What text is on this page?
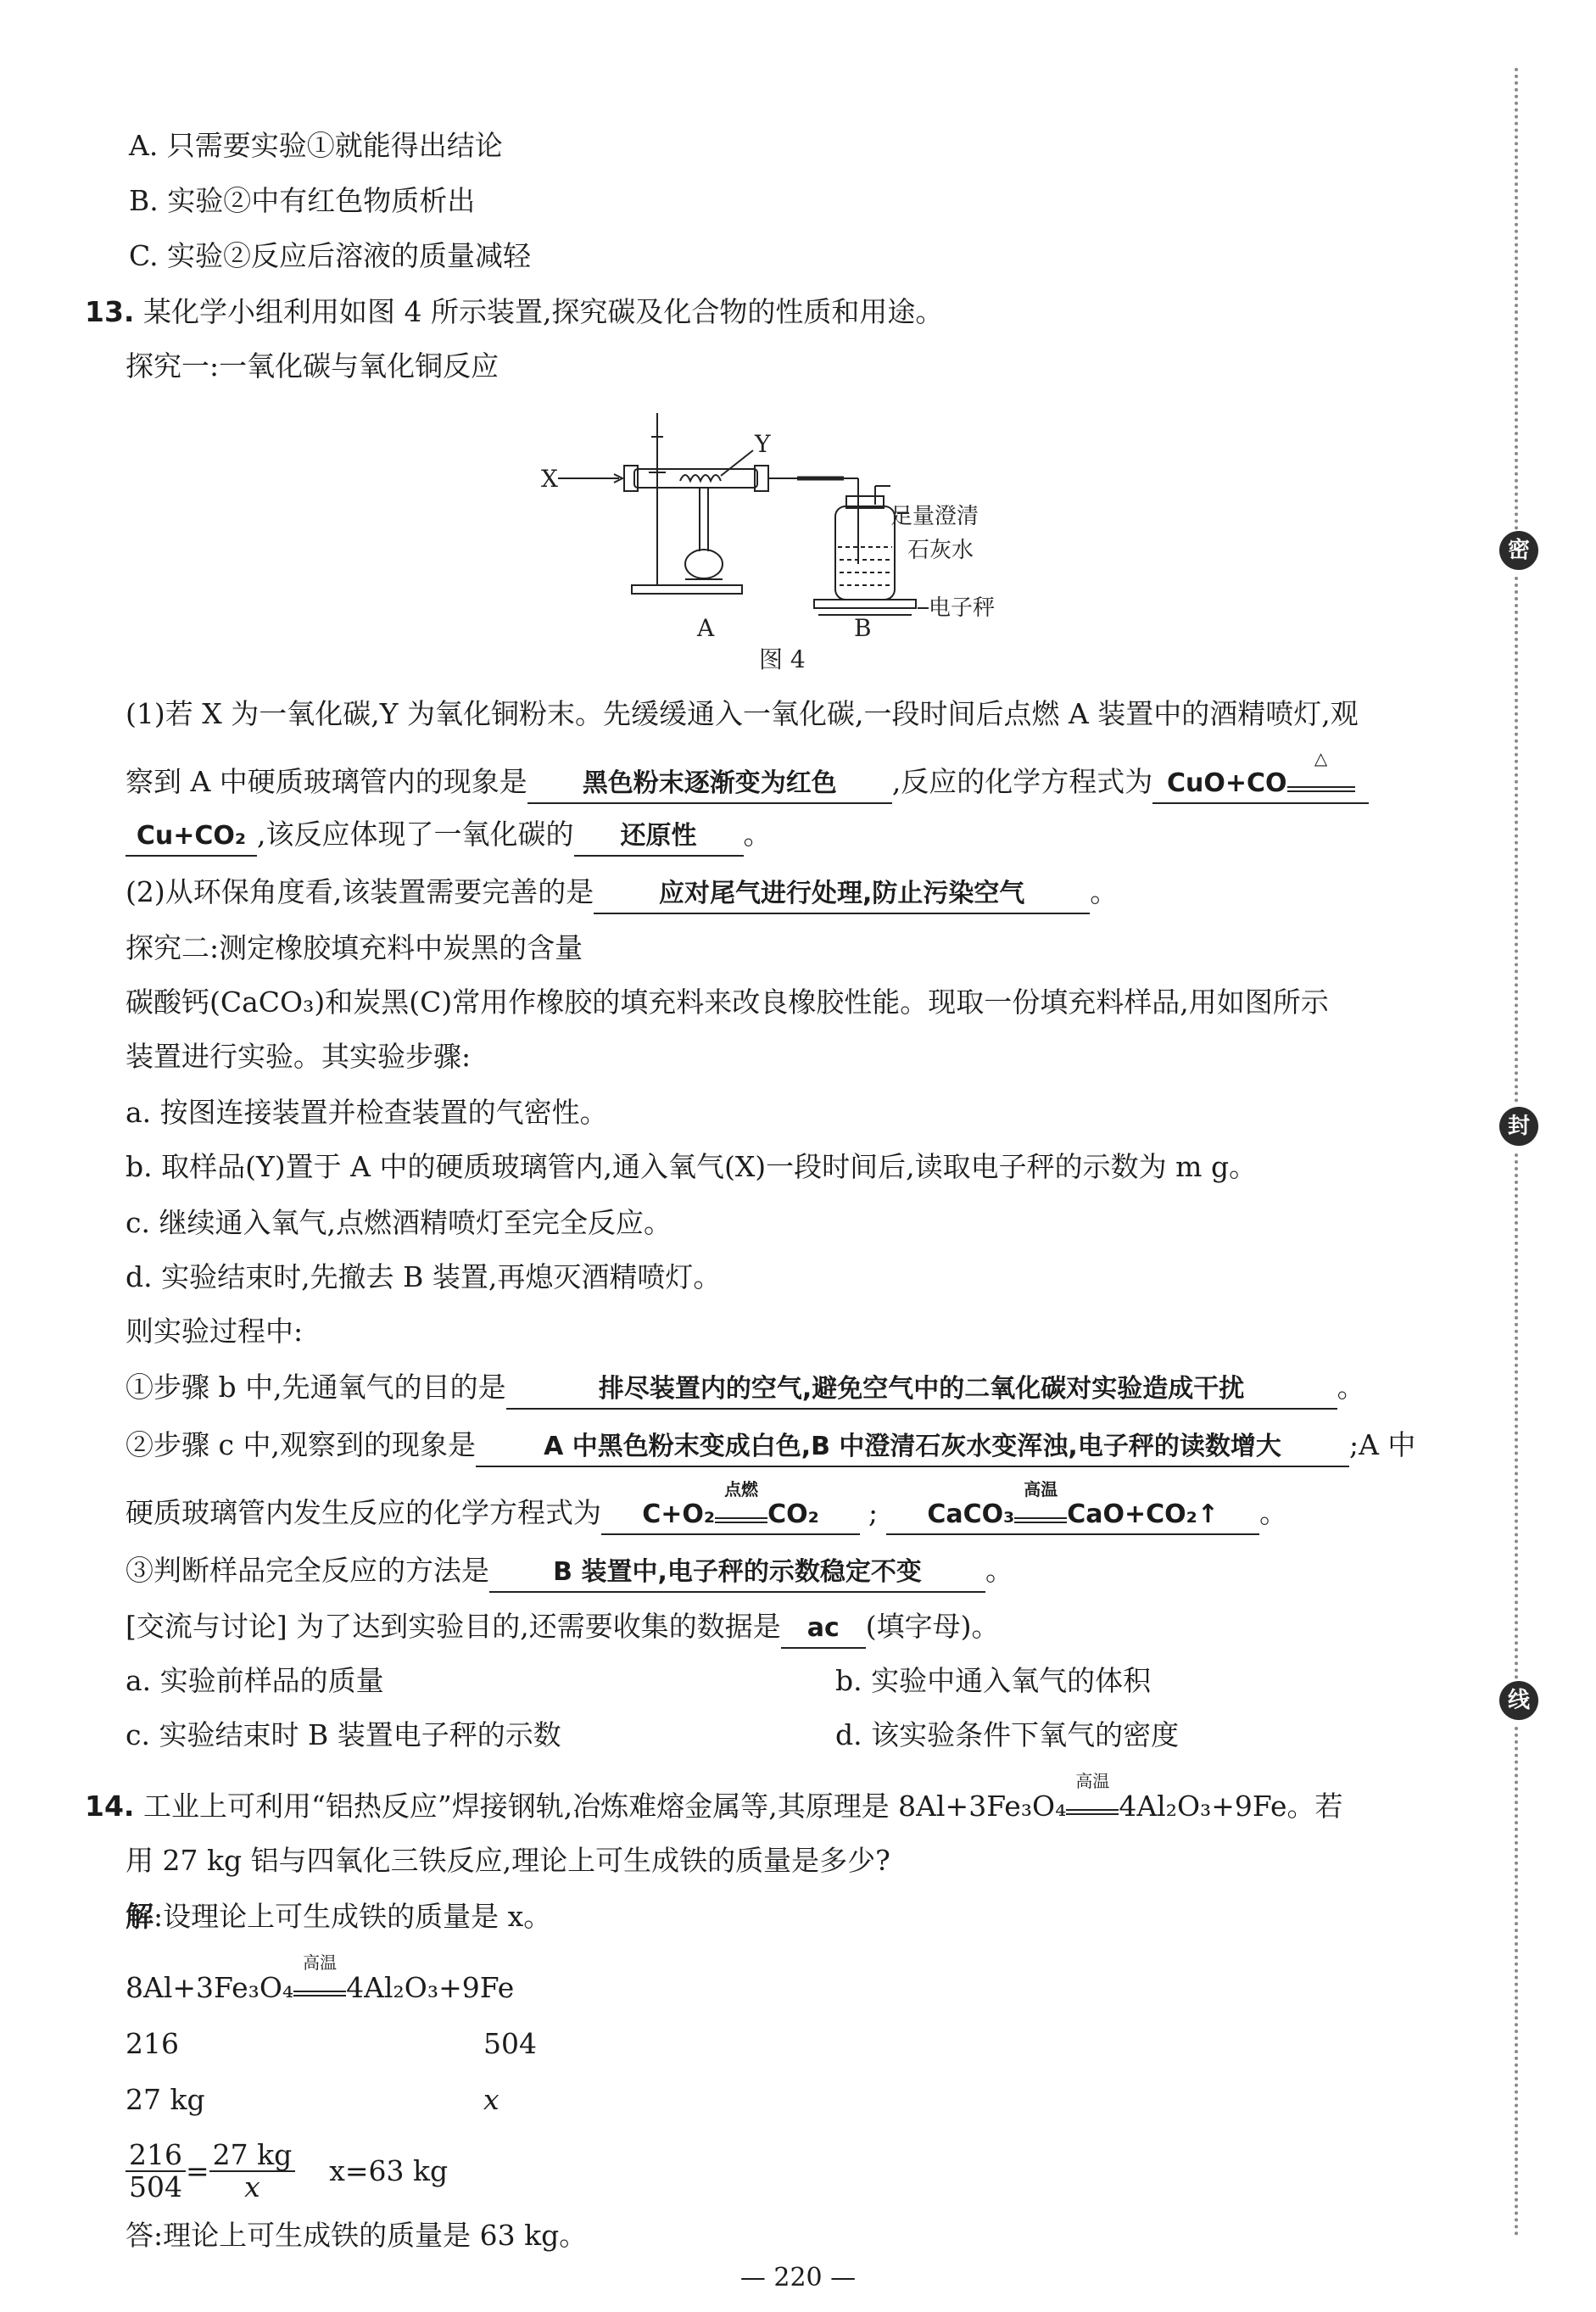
密
封
线
A. 只需要实验①就能得出结论
B. 实验②中有红色物质析出
C. 实验②反应后溶液的质量减轻
13. 某化学小组利用如图 4 所示装置,探究碳及化合物的性质和用途。
探究一:一氧化碳与氧化铜反应
X
Y
足量澄清
石灰水
电子秤
A	B
图 4
(1)若 X 为一氧化碳,Y 为氧化铜粉末。先缓缓通入一氧化碳,一段时间后点燃 A 装置中的酒精喷灯,观
察到 A 中硬质玻璃管内的现象是 黑色粉末逐渐变为红色 ,反应的化学方程式为 CuO+CO
△
Cu+CO₂ ,该反应体现了一氧化碳的 还原性 。
(2)从环保角度看,该装置需要完善的是	应对尾气进行处理,防止污染空气 。
探究二:测定橡胶填充料中炭黑的含量
碳酸钙(CaCO₃)和炭黑(C)常用作橡胶的填充料来改良橡胶性能。现取一份填充料样品,用如图所示
装置进行实验。其实验步骤:
a. 按图连接装置并检查装置的气密性。
b. 取样品(Y)置于 A 中的硬质玻璃管内,通入氧气(X)一段时间后,读取电子秤的示数为 m g。
c. 继续通入氧气,点燃酒精喷灯至完全反应。
d. 实验结束时,先撤去 B 装置,再熄灭酒精喷灯。
则实验过程中:
①步骤 b 中,先通氧气的目的是	排尽装置内的空气,避免空气中的二氧化碳对实验造成干扰	。
②步骤 c 中,观察到的现象是	A 中黑色粉末变成白色,B 中澄清石灰水变浑浊,电子秤的读数增大 ;A 中
硬质玻璃管内发生反应的化学方程式为 C+O₂
点燃
CO₂ ; CaCO₃
高温
CaO+CO₂↑ 。
③判断样品完全反应的方法是	B 装置中,电子秤的示数稳定不变 。
[交流与讨论] 为了达到实验目的,还需要收集的数据是 ac (填字母)。
a. 实验前样品的质量	b. 实验中通入氧气的体积
c. 实验结束时 B 装置电子秤的示数	d. 该实验条件下氧气的密度
14. 工业上可利用“铝热反应”焊接钢轨,冶炼难熔金属等,其原理是 8Al+3Fe₃O₄
高温
4Al₂O₃+9Fe。若
用 27 kg 铝与四氧化三铁反应,理论上可生成铁的质量是多少?
解:设理论上可生成铁的质量是 x。
8Al+3Fe₃O₄
高温
4Al₂O₃+9Fe
216	504
27 kg	x
$\frac{216}{504} = \frac{27 kg}{x} x=63$ kg
答:理论上可生成铁的质量是 63 kg。
— 220 —
